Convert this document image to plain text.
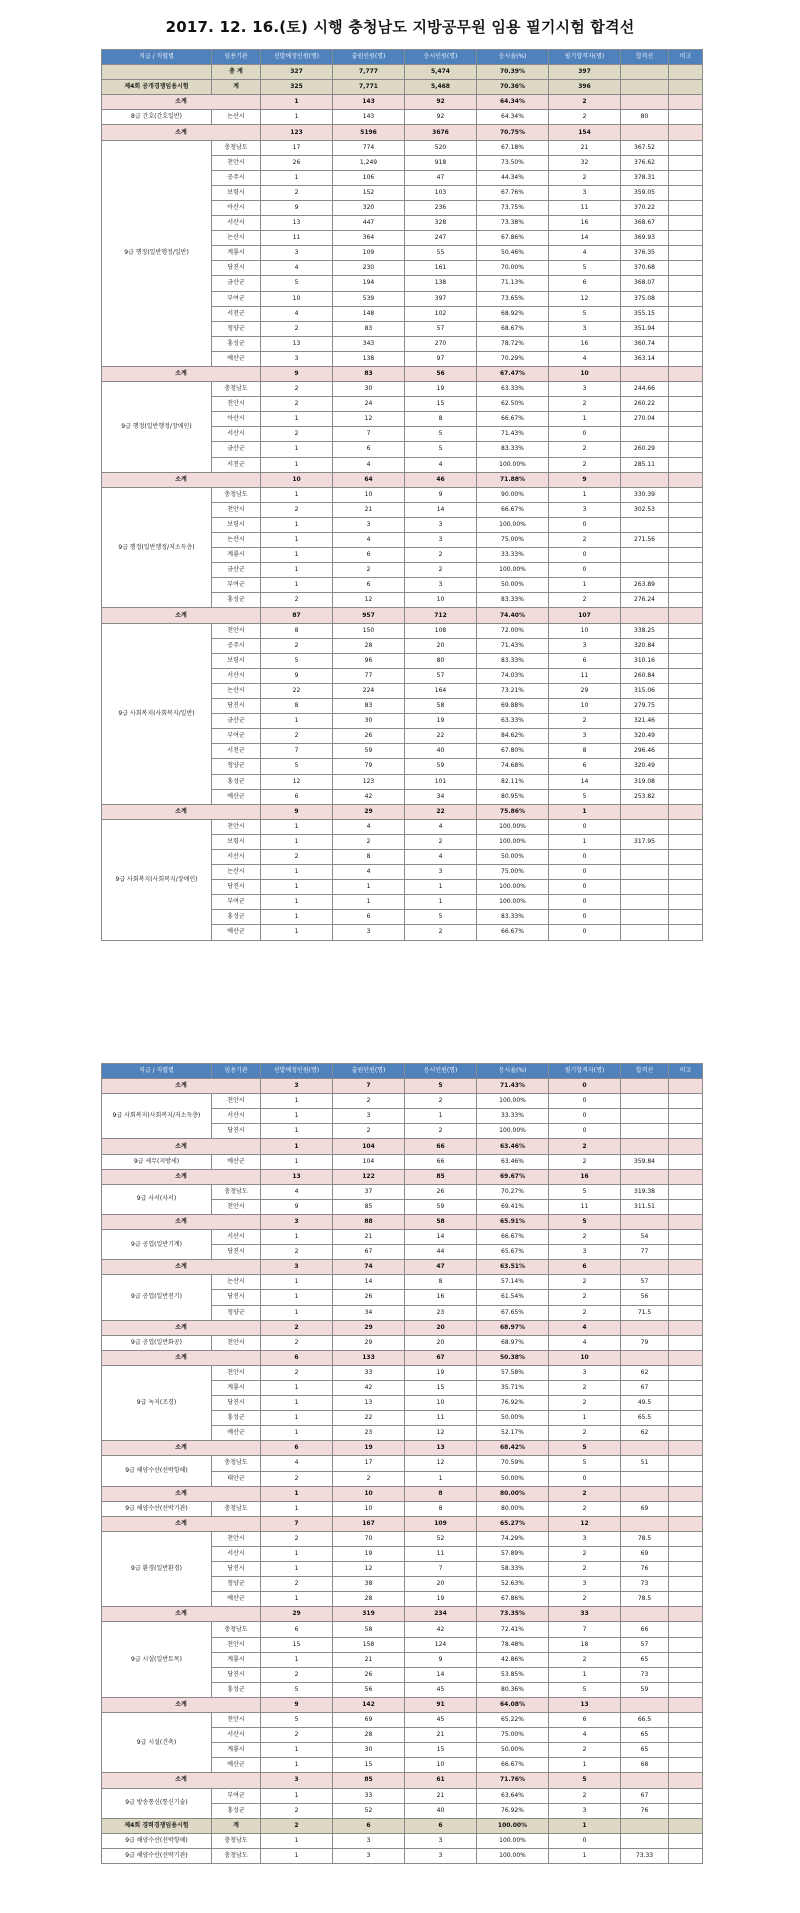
2017. 12. 16.(토) 시행 충청남도 지방공무원 임용 필기시험 합격선
직급 / 직렬별	임용기관	선발예정인원(명)	출원인원(명)	응시인원(명)	응시율(%)	필기합격자(명)	합격선	비고
	총 계	327	7,777	5,474	70.39%	397		
제4회 공개경쟁임용시험	계	325	7,771	5,468	70.36%	396		
소계		1	143	92	64.34%	2		
8급 간호(간호일반)	논산시	1	143	92	64.34%	2	80	
소계		123	5196	3676	70.75%	154		
9급 행정(일반행정/일반)	충청남도	17	774	520	67.18%	21	367.52	
	천안시	26	1,249	918	73.50%	32	376.62	
	공주시	1	106	47	44.34%	2	378.31	
	보령시	2	152	103	67.76%	3	359.05	
	아산시	9	320	236	73.75%	11	370.22	
	서산시	13	447	328	73.38%	16	368.67	
	논산시	11	364	247	67.86%	14	369.93	
	계룡시	3	109	55	50.46%	4	376.35	
	당진시	4	230	161	70.00%	5	370.68	
	금산군	5	194	138	71.13%	6	368.07	
	부여군	10	539	397	73.65%	12	375.08	
	서천군	4	148	102	68.92%	5	355.15	
	청양군	2	83	57	68.67%	3	351.94	
	홍성군	13	343	270	78.72%	16	360.74	
	예산군	3	138	97	70.29%	4	363.14	
소계		9	83	56	67.47%	10		
9급 행정(일반행정/장애인)	충청남도	2	30	19	63.33%	3	244.66	
	천안시	2	24	15	62.50%	2	260.22	
	아산시	1	12	8	66.67%	1	270.04	
	서산시	2	7	5	71.43%	0		
	금산군	1	6	5	83.33%	2	260.29	
	서천군	1	4	4	100.00%	2	285.11	
소계		10	64	46	71.88%	9		
9급 행정(일반행정/저소득층)	충청남도	1	10	9	90.00%	1	330.39	
	천안시	2	21	14	66.67%	3	302.53	
	보령시	1	3	3	100.00%	0		
	논산시	1	4	3	75.00%	2	271.56	
	계룡시	1	6	2	33.33%	0		
	금산군	1	2	2	100.00%	0		
	부여군	1	6	3	50.00%	1	263.89	
	홍성군	2	12	10	83.33%	2	276.24	
소계		87	957	712	74.40%	107		
9급 사회복지(사회복지/일반)	천안시	8	150	108	72.00%	10	338.25	
	공주시	2	28	20	71.43%	3	320.84	
	보령시	5	96	80	83.33%	6	310.16	
	서산시	9	77	57	74.03%	11	260.84	
	논산시	22	224	164	73.21%	29	315.06	
	당진시	8	83	58	69.88%	10	279.75	
	금산군	1	30	19	63.33%	2	321.46	
	부여군	2	26	22	84.62%	3	320.49	
	서천군	7	59	40	67.80%	8	296.46	
	청양군	5	79	59	74.68%	6	320.49	
	홍성군	12	123	101	82.11%	14	319.08	
	예산군	6	42	34	80.95%	5	253.82	
소계		9	29	22	75.86%	1		
9급 사회복지(사회복지/장애인)	천안시	1	4	4	100.00%	0		
	보령시	1	2	2	100.00%	1	317.95	
	서산시	2	8	4	50.00%	0		
	논산시	1	4	3	75.00%	0		
	당진시	1	1	1	100.00%	0		
	부여군	1	1	1	100.00%	0		
	홍성군	1	6	5	83.33%	0		
	예산군	1	3	2	66.67%	0		
직급 / 직렬별	임용기관	선발예정인원(명)	출원인원(명)	응시인원(명)	응시율(%)	필기합격자(명)	합격선	비고
소계		3	7	5	71.43%	0		
9급 사회복지(사회복지/저소득층)	천안시	1	2	2	100.00%	0		
	서산시	1	3	1	33.33%	0		
	당진시	1	2	2	100.00%	0		
소계		1	104	66	63.46%	2		
9급 세무(지방세)	예산군	1	104	66	63.46%	2	359.84	
소계		13	122	85	69.67%	16		
9급 사서(사서)	충청남도	4	37	26	70.27%	5	319.38	
	천안시	9	85	59	69.41%	11	311.51	
소계		3	88	58	65.91%	5		
9급 공업(일반기계)	서산시	1	21	14	66.67%	2	54	
	당진시	2	67	44	65.67%	3	77	
소계		3	74	47	63.51%	6		
9급 공업(일반전기)	논산시	1	14	8	57.14%	2	57	
	당진시	1	26	16	61.54%	2	56	
	청양군	1	34	23	67.65%	2	71.5	
소계		2	29	20	68.97%	4		
9급 공업(일반화공)	천안시	2	29	20	68.97%	4	79	
소계		6	133	67	50.38%	10		
9급 녹지(조경)	천안시	2	33	19	57.58%	3	62	
	계룡시	1	42	15	35.71%	2	67	
	당진시	1	13	10	76.92%	2	49.5	
	홍성군	1	22	11	50.00%	1	65.5	
	예산군	1	23	12	52.17%	2	62	
소계		6	19	13	68.42%	5		
9급 해양수산(선박항해)	충청남도	4	17	12	70.59%	5	51	
	태안군	2	2	1	50.00%	0		
소계		1	10	8	80.00%	2		
9급 해양수산(선박기관)	충청남도	1	10	8	80.00%	2	69	
소계		7	167	109	65.27%	12		
9급 환경(일반환경)	천안시	2	70	52	74.29%	3	78.5	
	서산시	1	19	11	57.89%	2	69	
	당진시	1	12	7	58.33%	2	76	
	청양군	2	38	20	52.63%	3	73	
	예산군	1	28	19	67.86%	2	78.5	
소계		29	319	234	73.35%	33		
9급 시설(일반토목)	충청남도	6	58	42	72.41%	7	66	
	천안시	15	158	124	78.48%	18	57	
	계룡시	1	21	9	42.86%	2	65	
	당진시	2	26	14	53.85%	1	73	
	홍성군	5	56	45	80.36%	5	59	
소계		9	142	91	64.08%	13		
9급 시설(건축)	천안시	5	69	45	65.22%	6	66.5	
	서산시	2	28	21	75.00%	4	65	
	계룡시	1	30	15	50.00%	2	65	
	예산군	1	15	10	66.67%	1	68	
소계		3	85	61	71.76%	5		
9급 방송통신(통신기술)	부여군	1	33	21	63.64%	2	67	
	홍성군	2	52	40	76.92%	3	76	
제4회 경력경쟁임용시험	계	2	6	6	100.00%	1		
9급 해양수산(선박항해)	충청남도	1	3	3	100.00%	0		
9급 해양수산(선박기관)	충청남도	1	3	3	100.00%	1	73.33	
